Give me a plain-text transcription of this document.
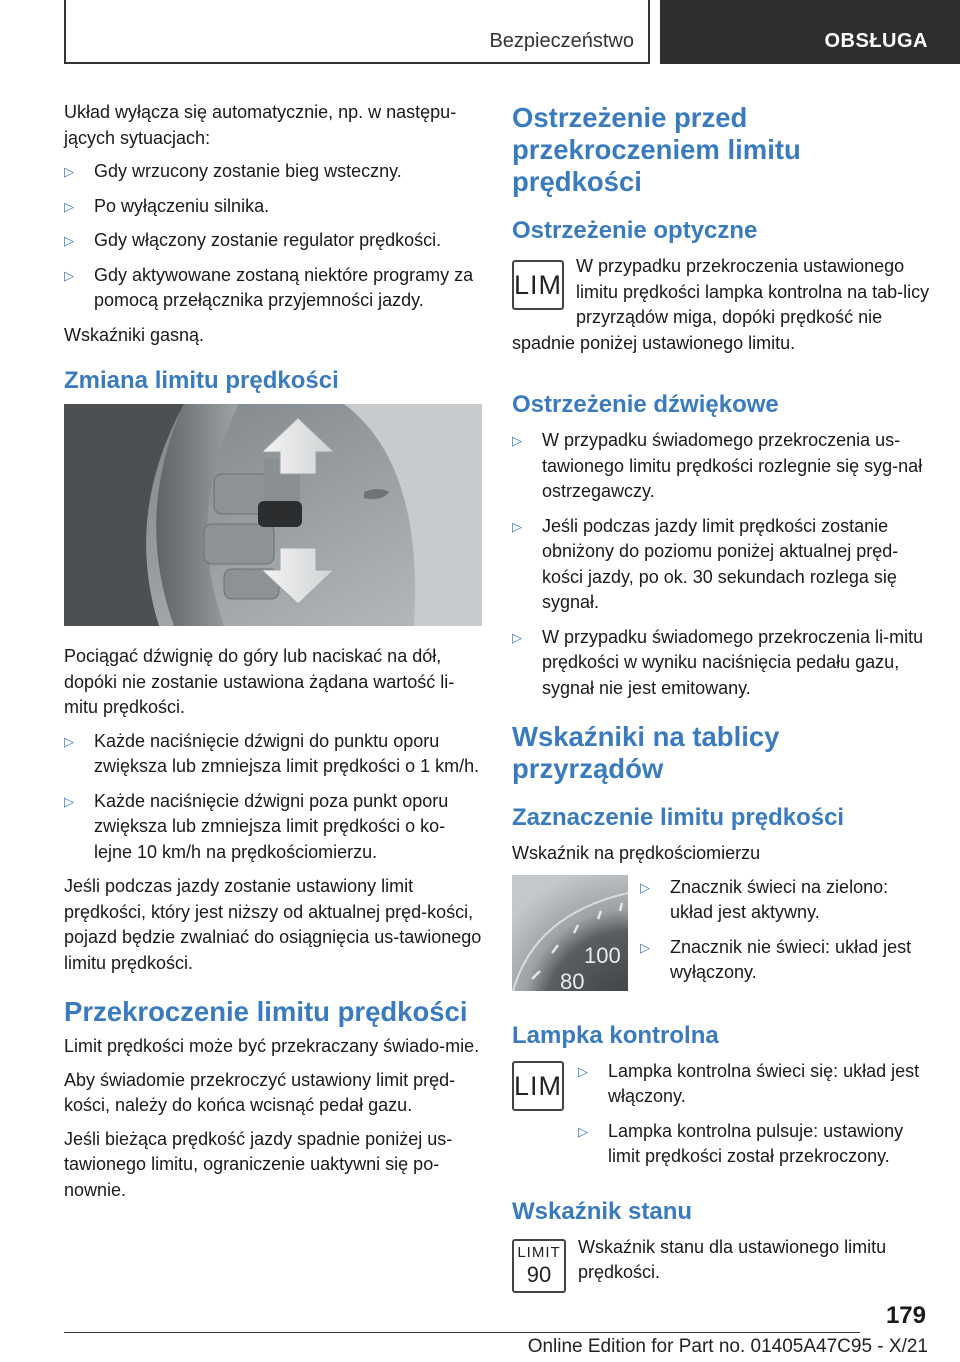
Bezpieczeństwo	OBSŁUGA

Układ wyłącza się automatycznie, np. w następu‐jących sytuacjach:

▷ Gdy wrzucony zostanie bieg wsteczny.
▷ Po wyłączeniu silnika.
▷ Gdy włączony zostanie regulator prędkości.
▷ Gdy aktywowane zostaną niektóre programy za pomocą przełącznika przyjemności jazdy.

Wskaźniki gasną.

Zmiana limitu prędkości

Pociągać dźwignię do góry lub naciskać na dół, dopóki nie zostanie ustawiona żądana wartość li‐mitu prędkości.

▷ Każde naciśnięcie dźwigni do punktu oporu zwiększa lub zmniejsza limit prędkości o 1 km/h.
▷ Każde naciśnięcie dźwigni poza punkt oporu zwiększa lub zmniejsza limit prędkości o ko‐lejne 10 km/h na prędkościomierzu.

Jeśli podczas jazdy zostanie ustawiony limit prędkości, który jest niższy od aktualnej pręd‐kości, pojazd będzie zwalniać do osiągnięcia us‐tawionego limitu prędkości.

Przekroczenie limitu prędkości

Limit prędkości może być przekraczany świado‐mie.

Aby świadomie przekroczyć ustawiony limit pręd‐kości, należy do końca wcisnąć pedał gazu.

Jeśli bieżąca prędkość jazdy spadnie poniżej us‐tawionego limitu, ograniczenie uaktywni się po‐nownie.

Ostrzeżenie przed przekroczeniem limitu prędkości
Ostrzeżenie optyczne
LIM

W przypadku przekroczenia ustawionego limitu prędkości lampka kontrolna na tab‐licy przyrządów miga, dopóki prędkość nie spadnie poniżej ustawionego limitu.

Ostrzeżenie dźwiękowe
▷ W przypadku świadomego przekroczenia us‐tawionego limitu prędkości rozlegnie się syg‐nał ostrzegawczy.
▷ Jeśli podczas jazdy limit prędkości zostanie obniżony do poziomu poniżej aktualnej pręd‐kości jazdy, po ok. 30 sekundach rozlega się sygnał.
▷ W przypadku świadomego przekroczenia li‐mitu prędkości w wyniku naciśnięcia pedału gazu, sygnał nie jest emitowany.
Wskaźniki na tablicy przyrządów
Zaznaczenie limitu prędkości

Wskaźnik na prędkościomierzu

100
80
▷ Znacznik świeci na zielono: układ jest aktywny.
▷ Znacznik nie świeci: układ jest wyłączony.
Lampka kontrolna
LIM ▷ Lampka kontrolna świeci się: układ jest włączony.
▷ Lampka kontrolna pulsuje: ustawiony limit prędkości został przekroczony.
Wskaźnik stanu
LIMIT
90

Wskaźnik stanu dla ustawionego limitu prędkości.

179
Online Edition for Part no. 01405A47C95 - X/21
